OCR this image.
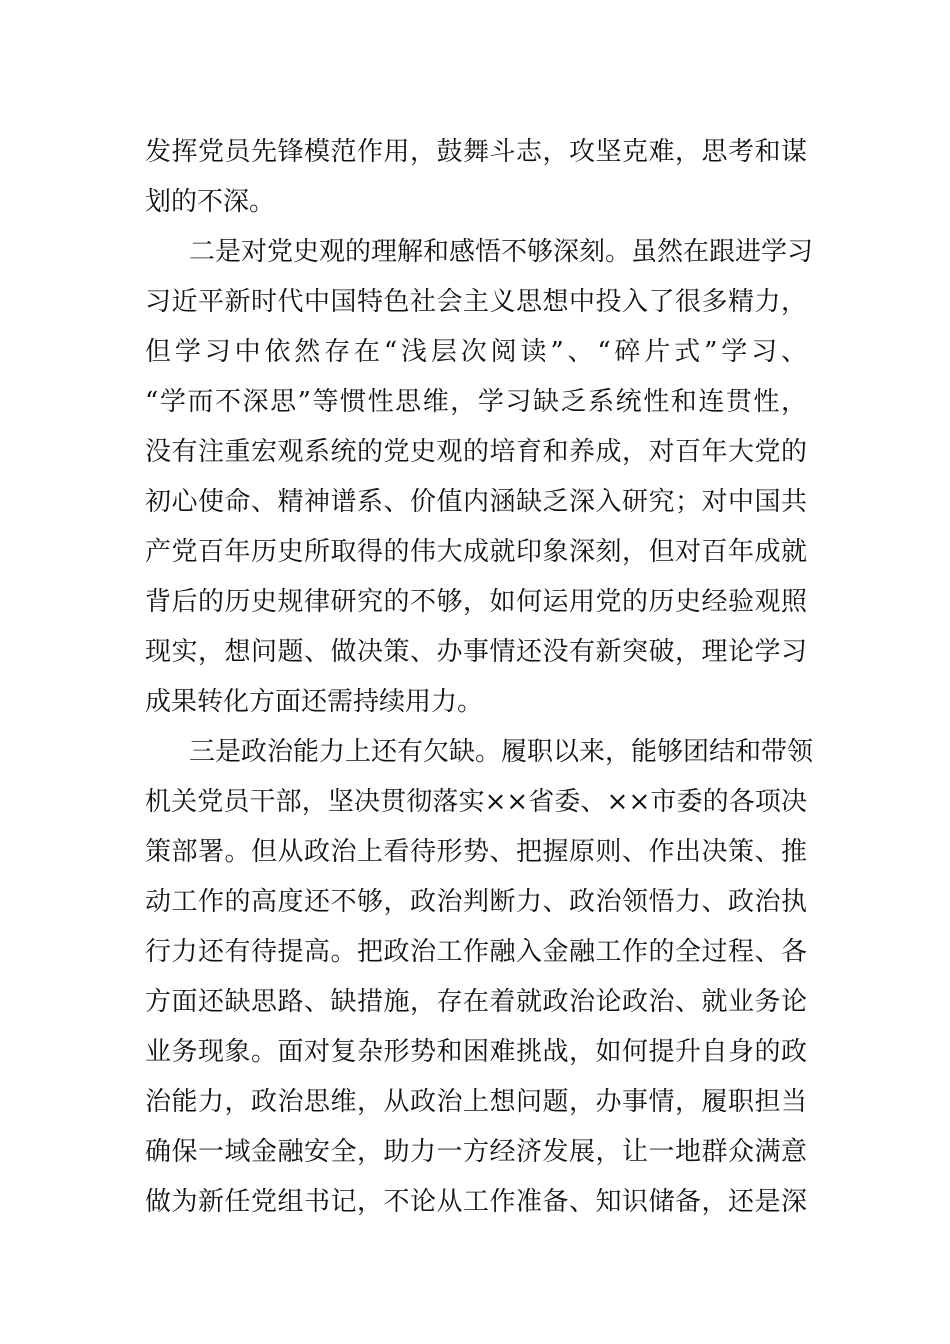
发挥党员先锋模范作用，鼓舞斗志，攻坚克难，思考和谋
划的不深。
二是对党史观的理解和感悟不够深刻。虽然在跟进学习
习近平新时代中国特色社会主义思想中投入了很多精力，
但学习中依然存在“浅层次阅读”、“碎片式”学习、
“学而不深思”等惯性思维，学习缺乏系统性和连贯性，
没有注重宏观系统的党史观的培育和养成，对百年大党的
初心使命、精神谱系、价值内涵缺乏深入研究；对中国共
产党百年历史所取得的伟大成就印象深刻，但对百年成就
背后的历史规律研究的不够，如何运用党的历史经验观照
现实，想问题、做决策、办事情还没有新突破，理论学习
成果转化方面还需持续用力。
三是政治能力上还有欠缺。履职以来，能够团结和带领
机关党员干部，坚决贯彻落实××省委、××市委的各项决
策部署。但从政治上看待形势、把握原则、作出决策、推
动工作的高度还不够，政治判断力、政治领悟力、政治执
行力还有待提高。把政治工作融入金融工作的全过程、各
方面还缺思路、缺措施，存在着就政治论政治、就业务论
业务现象。面对复杂形势和困难挑战，如何提升自身的政
治能力，政治思维，从政治上想问题，办事情，履职担当
确保一域金融安全，助力一方经济发展，让一地群众满意
做为新任党组书记，不论从工作准备、知识储备，还是深
